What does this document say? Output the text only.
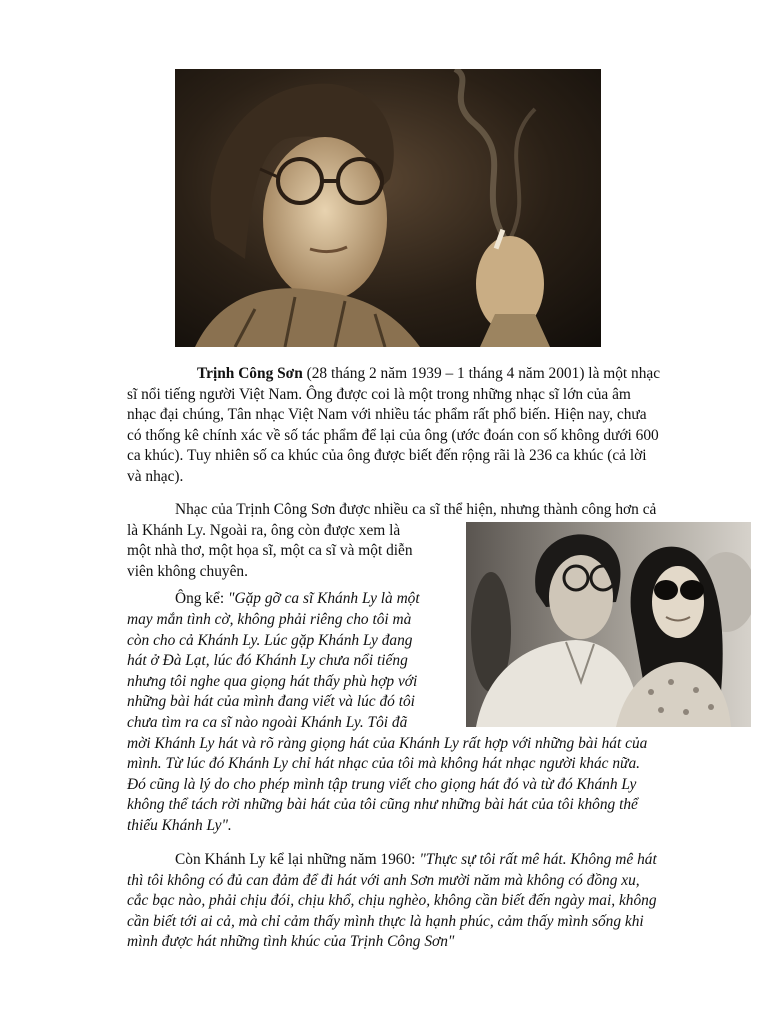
Trịnh Công Sơn (28 tháng 2 năm 1939 – 1 tháng 4 năm 2001) là một nhạc
sĩ nổi tiếng người Việt Nam. Ông được coi là một trong những nhạc sĩ lớn của âm
nhạc đại chúng, Tân nhạc Việt Nam với nhiều tác phẩm rất phổ biến. Hiện nay, chưa
có thống kê chính xác về số tác phẩm để lại của ông (ước đoán con số không dưới 600
ca khúc). Tuy nhiên số ca khúc của ông được biết đến rộng rãi là 236 ca khúc (cả lời
và nhạc).
Nhạc của Trịnh Công Sơn được nhiều ca sĩ thể hiện, nhưng thành công hơn cả
là Khánh Ly. Ngoài ra, ông còn được xem là
một nhà thơ, một họa sĩ, một ca sĩ và một diễn
viên không chuyên.
Ông kể: "Gặp gỡ ca sĩ Khánh Ly là một
may mắn tình cờ, không phải riêng cho tôi mà
còn cho cả Khánh Ly. Lúc gặp Khánh Ly đang
hát ở Đà Lạt, lúc đó Khánh Ly chưa nổi tiếng
nhưng tôi nghe qua giọng hát thấy phù hợp với
những bài hát của mình đang viết và lúc đó tôi
chưa tìm ra ca sĩ nào ngoài Khánh Ly. Tôi đã
mời Khánh Ly hát và rõ ràng giọng hát của Khánh Ly rất hợp với những bài hát của
mình. Từ lúc đó Khánh Ly chỉ hát nhạc của tôi mà không hát nhạc người khác nữa.
Đó cũng là lý do cho phép mình tập trung viết cho giọng hát đó và từ đó Khánh Ly
không thể tách rời những bài hát của tôi cũng như những bài hát của tôi không thể
thiếu Khánh Ly".
Còn Khánh Ly kể lại những năm 1960: "Thực sự tôi rất mê hát. Không mê hát
thì tôi không có đủ can đảm để đi hát với anh Sơn mười năm mà không có đồng xu,
cắc bạc nào, phải chịu đói, chịu khổ, chịu nghèo, không cần biết đến ngày mai, không
cần biết tới ai cả, mà chỉ cảm thấy mình thực là hạnh phúc, cảm thấy mình sống khi
mình được hát những tình khúc của Trịnh Công Sơn"
